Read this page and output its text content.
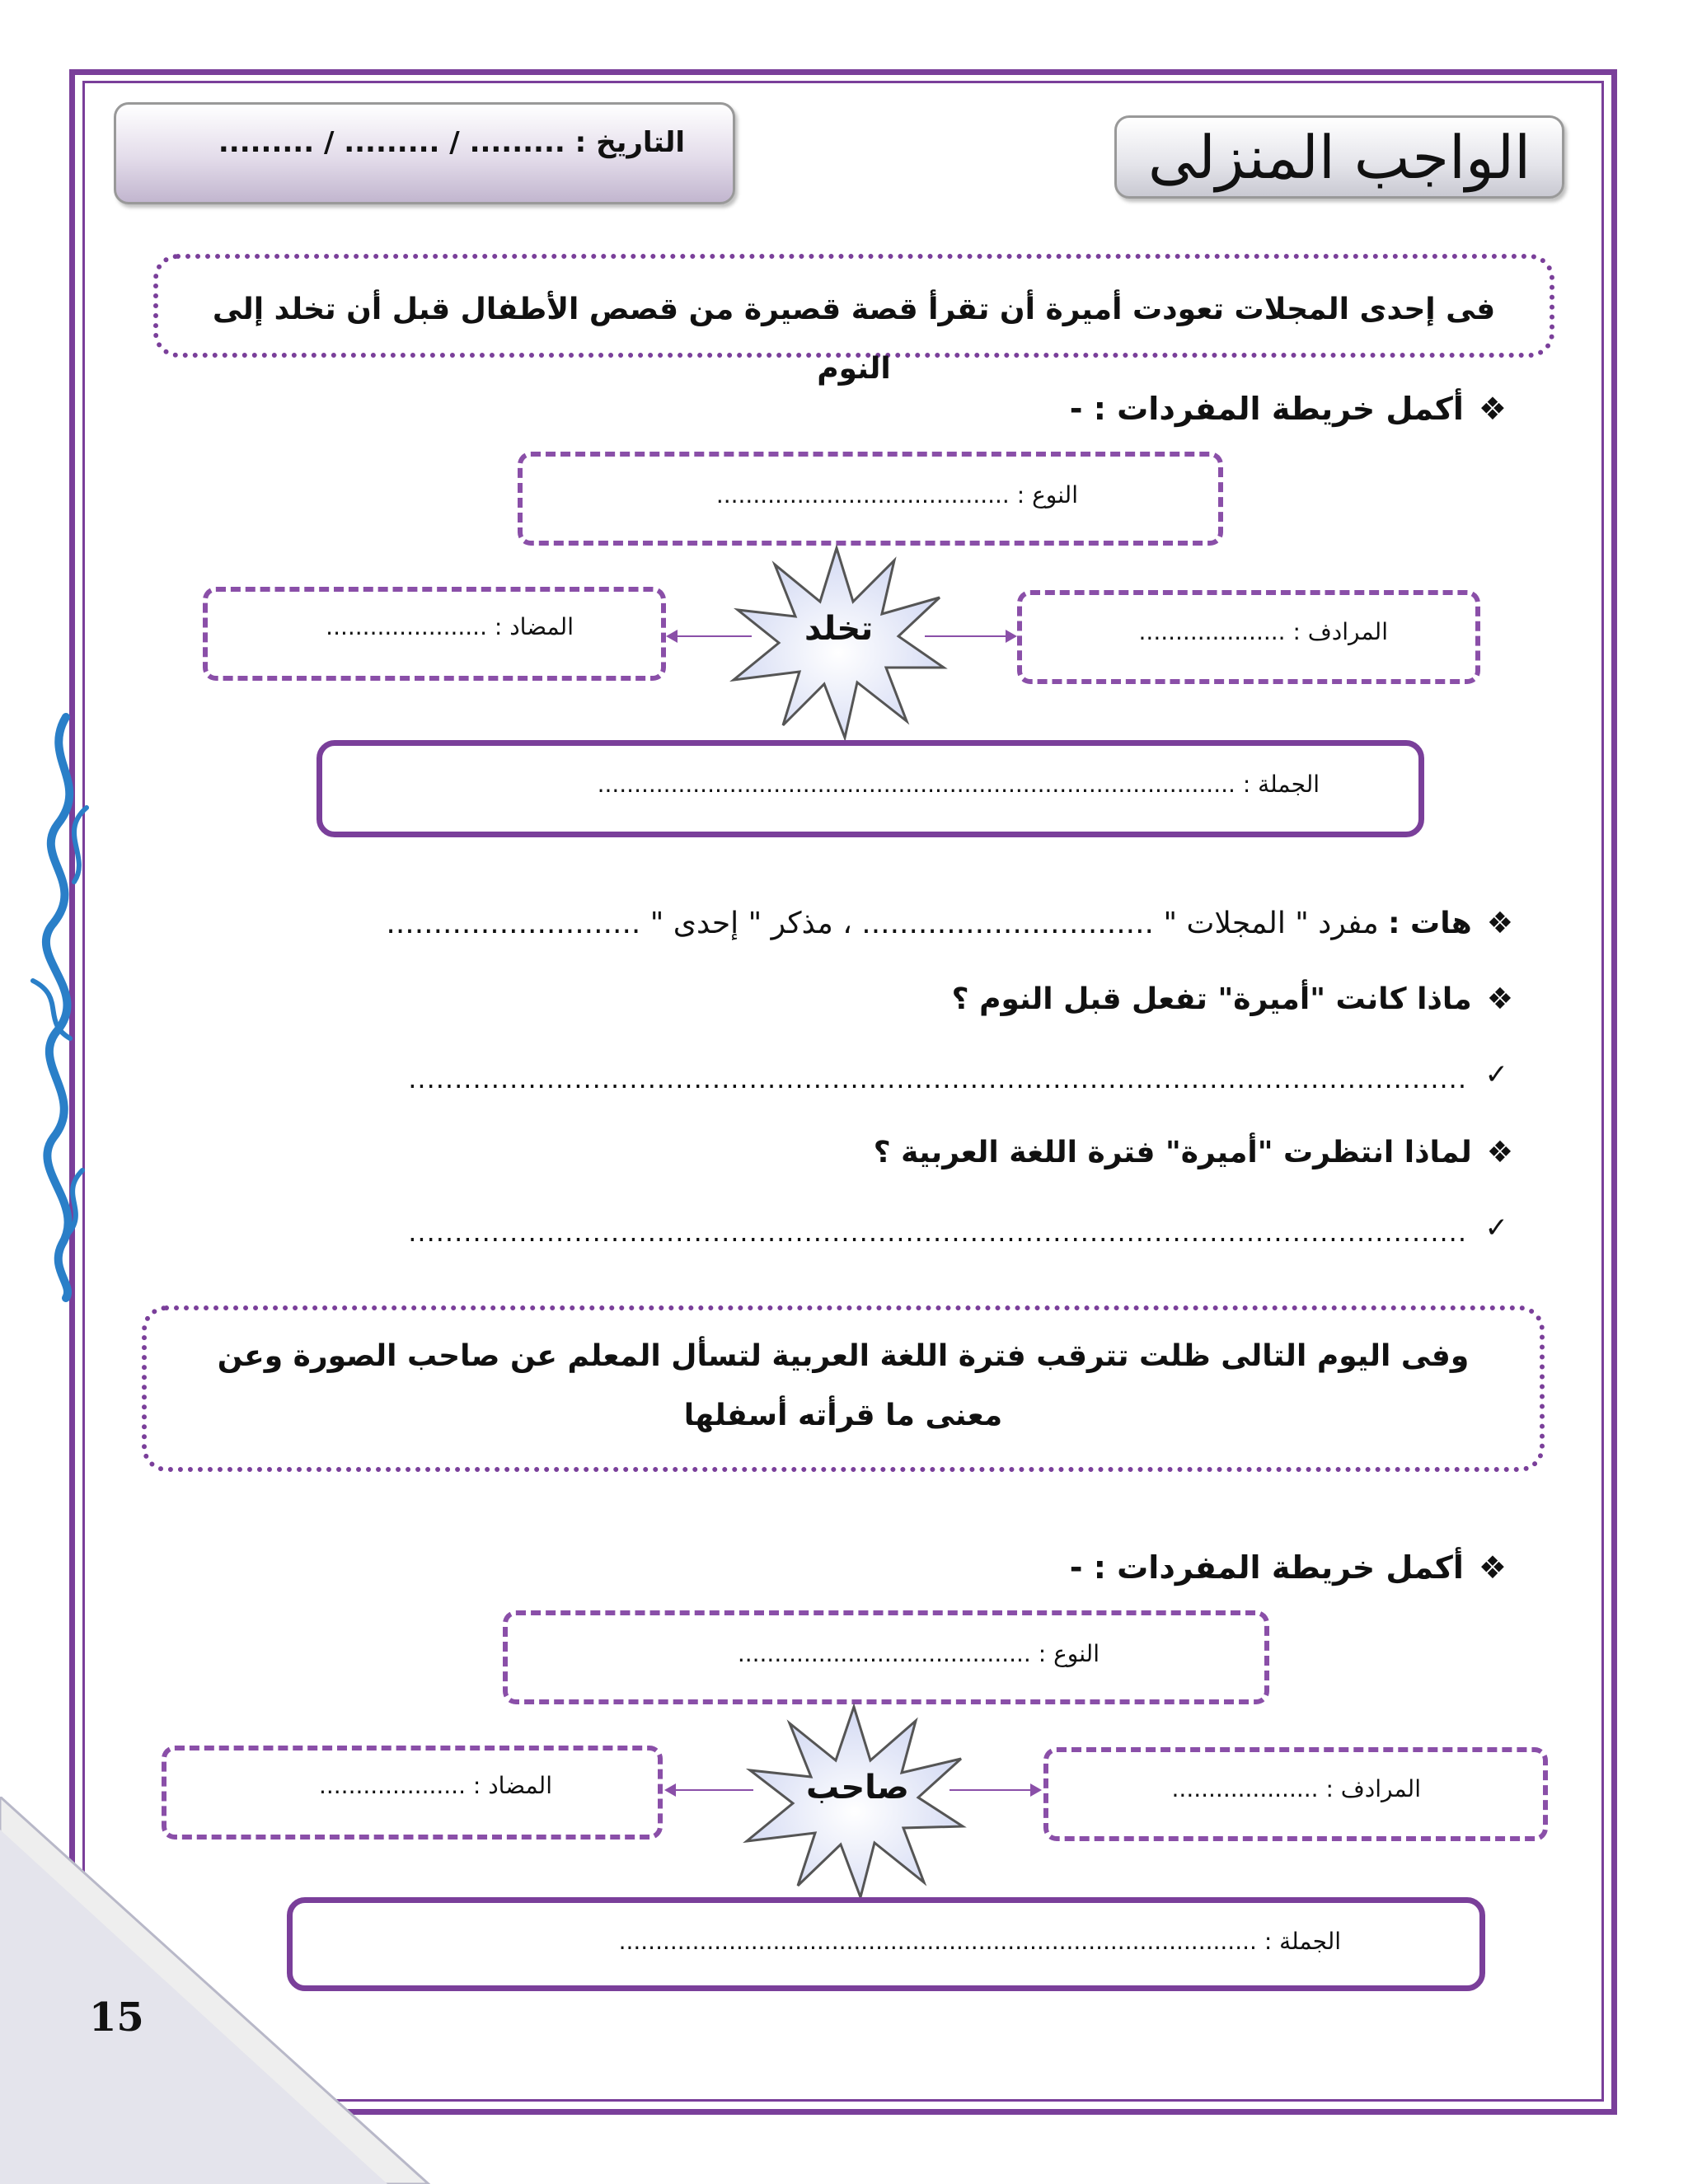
الواجب المنزلى
التاريخ : ......... / ......... / .........
فى إحدى المجلات تعودت أميرة أن تقرأ قصة قصيرة من قصص الأطفال قبل أن تخلد إلى النوم
❖أكمل خريطة المفردات : -
النوع : ........................................
المضاد : ......................	المرادف : ....................
تخلد
الجملة : .......................................................................................
❖هات : مفرد " المجلات " ............................... ، مذكر " إحدى " ...........................
❖ماذا كانت "أميرة" تفعل قبل النوم ؟
................................................................................................................... ✓
❖لماذا انتظرت "أميرة" فترة اللغة العربية ؟
................................................................................................................... ✓
وفى اليوم التالى ظلت تترقب فترة اللغة العربية لتسأل المعلم عن صاحب الصورة وعن معنى ما قرأته أسفلها
❖أكمل خريطة المفردات : -
النوع : ........................................
المضاد : ....................	المرادف : ....................
صاحب
الجملة : .......................................................................................
15
